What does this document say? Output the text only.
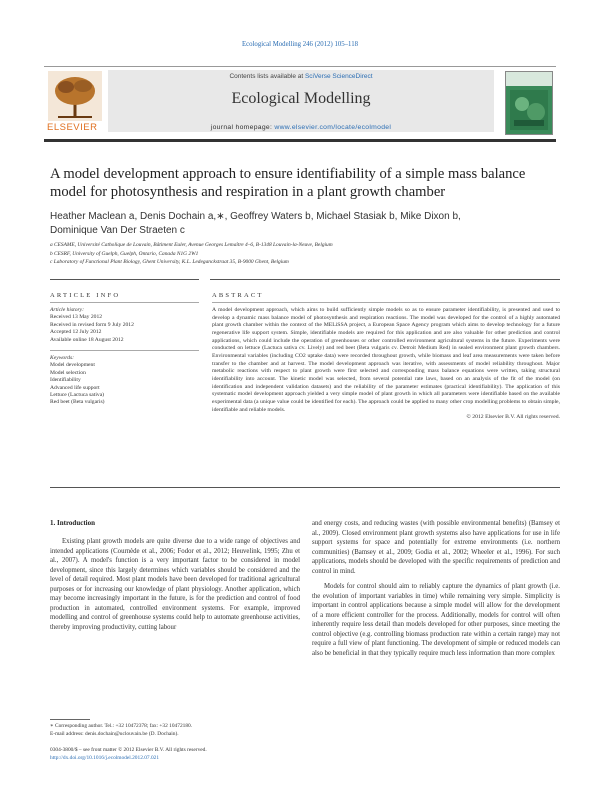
Ecological Modelling 246 (2012) 105–118
ELSEVIER
Contents lists available at SciVerse ScienceDirect
Ecological Modelling
journal homepage: www.elsevier.com/locate/ecolmodel
A model development approach to ensure identifiability of a simple mass balance model for photosynthesis and respiration in a plant growth chamber
Heather Maclean a, Denis Dochain a,∗, Geoffrey Waters b, Michael Stasiak b, Mike Dixon b,
Dominique Van Der Straeten c
a CESAME, Université Catholique de Louvain, Bâtiment Euler, Avenue Georges Lemaître 4–6, B-1348 Louvain-la-Neuve, Belgium
b CESRF, University of Guelph, Guelph, Ontario, Canada N1G 2W1
c Laboratory of Functional Plant Biology, Ghent University, K.L. Ledeganckstraat 35, B-9000 Ghent, Belgium
ARTICLE INFO	ABSTRACT
Article history:
Received 13 May 2012
Received in revised form 9 July 2012
Accepted 12 July 2012
Available online 18 August 2012
Keywords:
Model development
Model selection
Identifiability
Advanced life support
Lettuce (Lactuca sativa)
Red beet (Beta vulgaris)
A model development approach, which aims to build sufficiently simple models so as to ensure parameter identifiability, is presented and used to develop a dynamic mass balance model of photosynthesis and respiration reactions. The model was developed for the control of a highly automated plant growth chamber within the context of the MELiSSA project, a European Space Agency program which aims to develop technology for a future regenerative life support system. Simple, identifiable models are required for this application and are also valuable for other prediction and control applications, which could include the operation of greenhouses or other controlled environment agricultural systems in the future. Experiments were conducted on lettuce (Lactuca sativa cv. Lively) and red beet (Beta vulgaris cv. Detroit Medium Red) in sealed environment plant growth chambers. Environmental variables (including CO2 uptake data) were recorded throughout growth, while biomass and leaf area measurements were taken before transfer to the chamber and at harvest. The model development approach was iterative, with assessments of model reliability throughout. Major metabolic reactions with respect to plant growth were first selected and corresponding mass balance equations were written, taking structural identifiability into account. The kinetic model was selected, from several potential rate laws, based on an analysis of the fit of the model (on identification and independent validation datasets) and the reliability of the parameter estimates (practical identifiability). The application of this systematic model development approach yielded a very simple model of plant growth in which all parameters were identifiable based on the available experimental data (a unique value could be identified for each). The approach could be applied to many other crop modelling problems to obtain simple, identifiable and reliable models.
© 2012 Elsevier B.V. All rights reserved.
1. Introduction

Existing plant growth models are quite diverse due to a wide range of objectives and intended applications (Cournède et al., 2006; Fodor et al., 2012; Heuvelink, 1995; Zhu et al., 2007). A model's function is a very important factor to be considered in model development, since this largely determines which variables should be considered and the level of detail required. Most plant models have been developed for traditional agricultural purposes or for increasing our knowledge of plant physiology. Another application, which may become increasingly important in the future, is for the prediction and control of food production in automated, controlled environment systems. For example, improved modelling and control of greenhouse systems could help to automate greenhouse activities, thereby improving productivity, cutting labour

and energy costs, and reducing wastes (with possible environmental benefits) (Bamsey et al., 2009). Closed environment plant growth systems also have applications for use in life support systems for space and potentially for extreme environments (i.e. northern communities) (Bamsey et al., 2009; Godia et al., 2002; Wheeler et al., 1996). For such applications, models should be developed with the specific requirements of prediction and control in mind.

Models for control should aim to reliably capture the dynamics of plant growth (i.e. the evolution of important variables in time) while remaining very simple. Simplicity is important in control applications because a simple model will allow for the development of a more efficient controller for the process. Additionally, models for control will often inherently require less detail than models developed for other purposes, since meeting the control objective (e.g. controlling biomass production rate within a certain range) may not require a full view of plant functioning. The development of simple or reduced models can also be beneficial in that they typically require much less information than more complex

∗ Corresponding author. Tel.: +32 10472378; fax: +32 10472180.
E-mail address: denis.dochain@uclouvain.be (D. Dochain).
0304-3800/$ – see front matter © 2012 Elsevier B.V. All rights reserved.
http://dx.doi.org/10.1016/j.ecolmodel.2012.07.021
